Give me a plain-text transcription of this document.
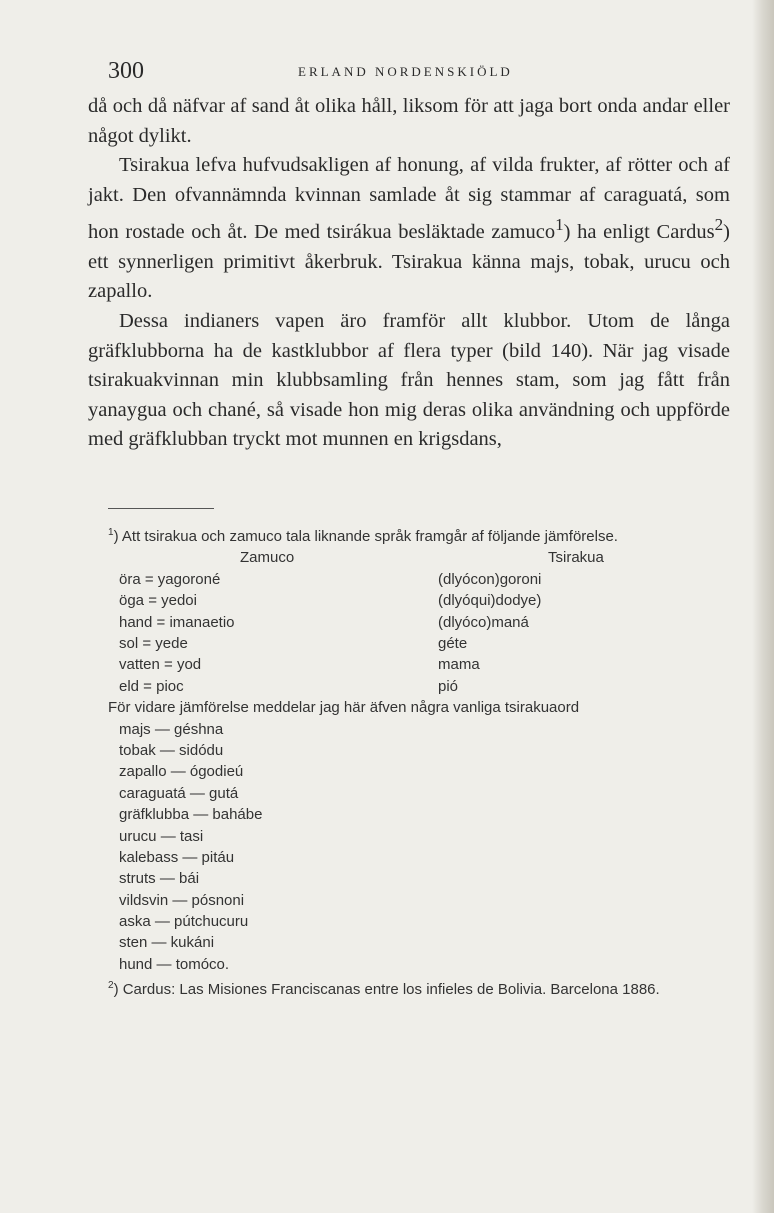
300	ERLAND NORDENSKIÖLD

då och då näfvar af sand åt olika håll, liksom för att jaga bort onda andar eller något dylikt.

Tsirakua lefva hufvudsakligen af honung, af vilda frukter, af rötter och af jakt. Den ofvannämnda kvinnan samlade åt sig stammar af caraguatá, som hon rostade och åt. De med tsirákua besläktade zamuco$^1$) ha enligt Cardus$^2$) ett synnerligen primitivt åkerbruk. Tsirakua känna majs, tobak, urucu och zapallo.

Dessa indianers vapen äro framför allt klubbor. Utom de långa gräfklubborna ha de kastklubbor af flera typer (bild 140). När jag visade tsirakuakvinnan min klubbsamling från hennes stam, som jag fått från yanaygua och chané, så visade hon mig deras olika användning och uppförde med gräfklubban tryckt mot munnen en krigsdans,

$^1$) Att tsirakua och zamuco tala liknande språk framgår af följande jämförelse.

Zamuco	Tsirakua
öra = yagoroné	(dlyócon)goroni
öga = yedoi	(dlyóqui)dodye)
hand = imanaetio	(dlyóco)maná
sol = yede	géte
vatten = yod	mama
eld = pioc	pió

För vidare jämförelse meddelar jag här äfven några vanliga tsirakuaord

majs — géshna
tobak — sidódu
zapallo — ógodieú
caraguatá — gutá
gräfklubba — bahábe
urucu — tasi
kalebass — pitáu
struts — bái
vildsvin — pósnoni
aska — pútchucuru
sten — kukáni
hund — tomóco.

$^2$) Cardus: Las Misiones Franciscanas entre los infieles de Bolivia. Barcelona 1886.
